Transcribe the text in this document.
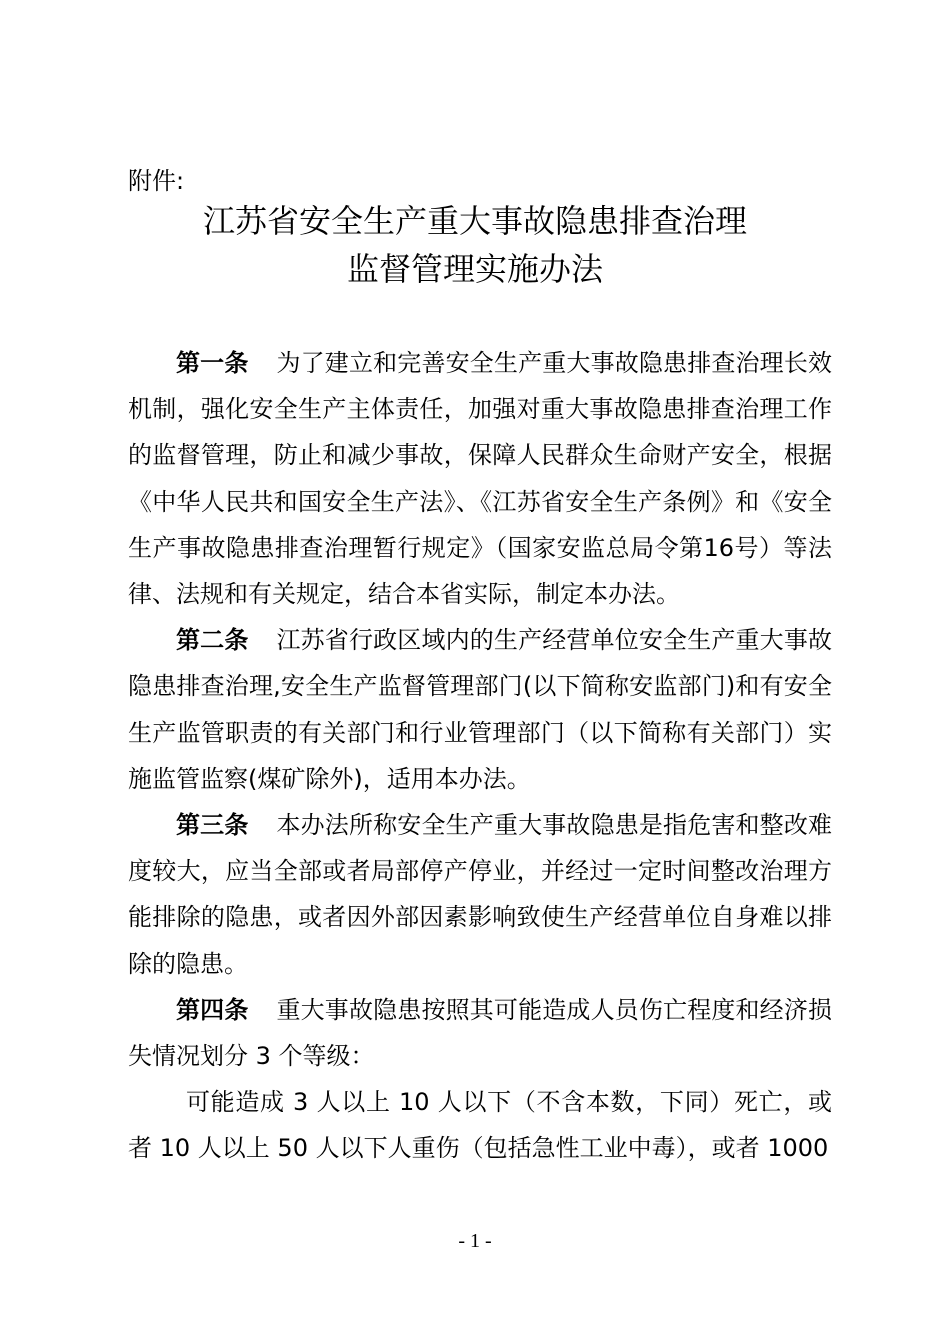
附件:

江苏省安全生产重大事故隐患排查治理
监督管理实施办法

第一条 为了建立和完善安全生产重大事故隐患排查治理长效机制，强化安全生产主体责任，加强对重大事故隐患排查治理工作的监督管理，防止和减少事故，保障人民群众生命财产安全，根据《中华人民共和国安全生产法》、《江苏省安全生产条例》和《安全生产事故隐患排查治理暂行规定》（国家安监总局令第16号）等法律、法规和有关规定，结合本省实际，制定本办法。

第二条 江苏省行政区域内的生产经营单位安全生产重大事故隐患排查治理,安全生产监督管理部门(以下简称安监部门)和有安全生产监管职责的有关部门和行业管理部门（以下简称有关部门）实施监管监察(煤矿除外)，适用本办法。

第三条 本办法所称安全生产重大事故隐患是指危害和整改难度较大，应当全部或者局部停产停业，并经过一定时间整改治理方能排除的隐患，或者因外部因素影响致使生产经营单位自身难以排除的隐患。

第四条 重大事故隐患按照其可能造成人员伤亡程度和经济损失情况划分 3 个等级：

可能造成 3 人以上 10 人以下（不含本数，下同）死亡，或者 10 人以上 50 人以下人重伤（包括急性工业中毒），或者 1000

- 1 -
